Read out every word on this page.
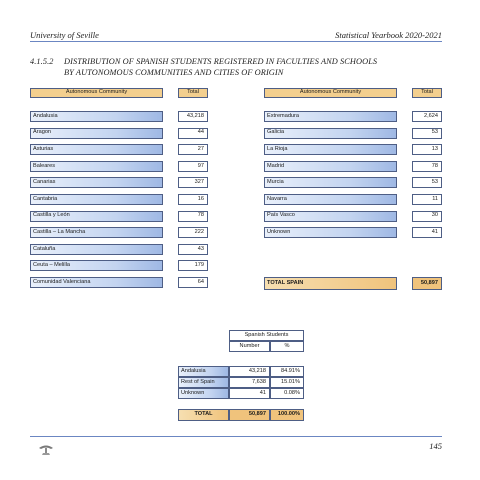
University of Seville	Statistical Yearbook 2020-2021
4.1.5.2 DISTRIBUTION OF SPANISH STUDENTS REGISTERED IN FACULTIES AND SCHOOLS
BY AUTONOMOUS COMMUNITIES AND CITIES OF ORIGIN
Autonomous Community	Total
Andalusia	43,218
Aragon	44
Asturias	27
Baleares	97
Canarias	327
Cantabria	16
Castilla y León	78
Castilla – La Mancha	222
Cataluña	43
Ceuta – Melilla	179
Comunidad Valenciana	64
Autonomous Community	Total
Extremadura	2,624
Galicia	53
La Rioja	13
Madrid	78
Murcia	53
Navarra	11
País Vasco	30
Unknown	41
TOTAL SPAIN	50,897
Spanish Students
Number	%
Andalusia	43,218	84.91%
Rest of Spain	7,638	15.01%
Unknown	41	0.08%
TOTAL	50,897	100.00%
145
